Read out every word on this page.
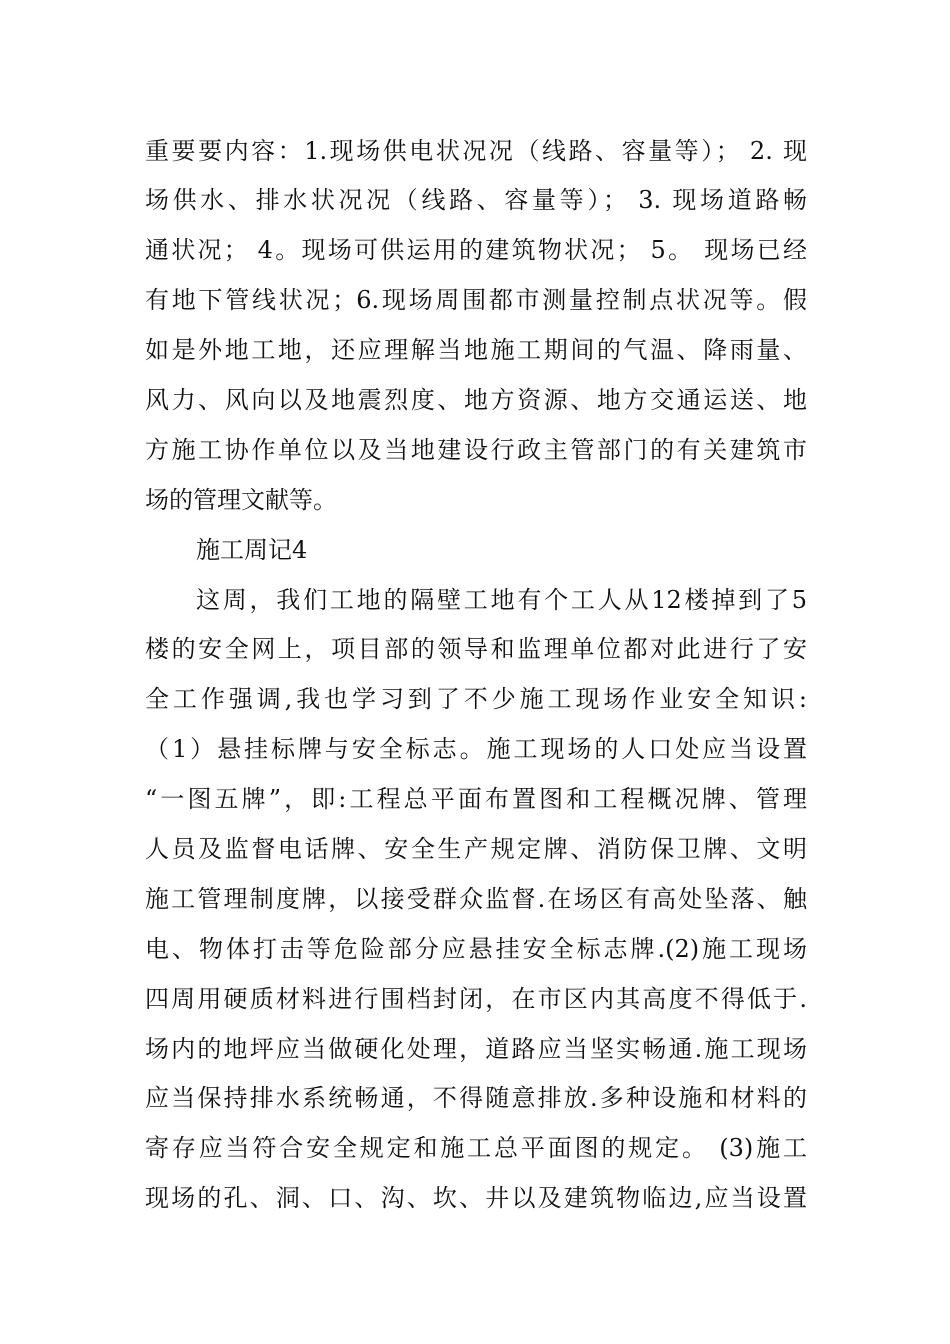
重要要内容：1.现场供电状况况（线路、容量等）； 2. 现
场供水、排水状况况（线路、容量等）； 3. 现场道路畅
通状况； 4。现场可供运用的建筑物状况； 5。 现场已经
有地下管线状况；6.现场周围都市测量控制点状况等。假
如是外地工地，还应理解当地施工期间的气温、降雨量、
风力、风向以及地震烈度、地方资源、地方交通运送、地
方施工协作单位以及当地建设行政主管部门的有关建筑市
场的管理文献等。
施工周记4
这周，我们工地的隔壁工地有个工人从12楼掉到了5
楼的安全网上，项目部的领导和监理单位都对此进行了安
全工作强调,我也学习到了不少施工现场作业安全知识:
（1）悬挂标牌与安全标志。施工现场的人口处应当设置
“一图五牌”，即:工程总平面布置图和工程概况牌、管理
人员及监督电话牌、安全生产规定牌、消防保卫牌、文明
施工管理制度牌，以接受群众监督.在场区有高处坠落、触
电、物体打击等危险部分应悬挂安全标志牌.(2)施工现场
四周用硬质材料进行围档封闭，在市区内其高度不得低于.
场内的地坪应当做硬化处理，道路应当坚实畅通.施工现场
应当保持排水系统畅通，不得随意排放.多种设施和材料的
寄存应当符合安全规定和施工总平面图的规定。 (3)施工
现场的孔、洞、口、沟、坎、井以及建筑物临边,应当设置
